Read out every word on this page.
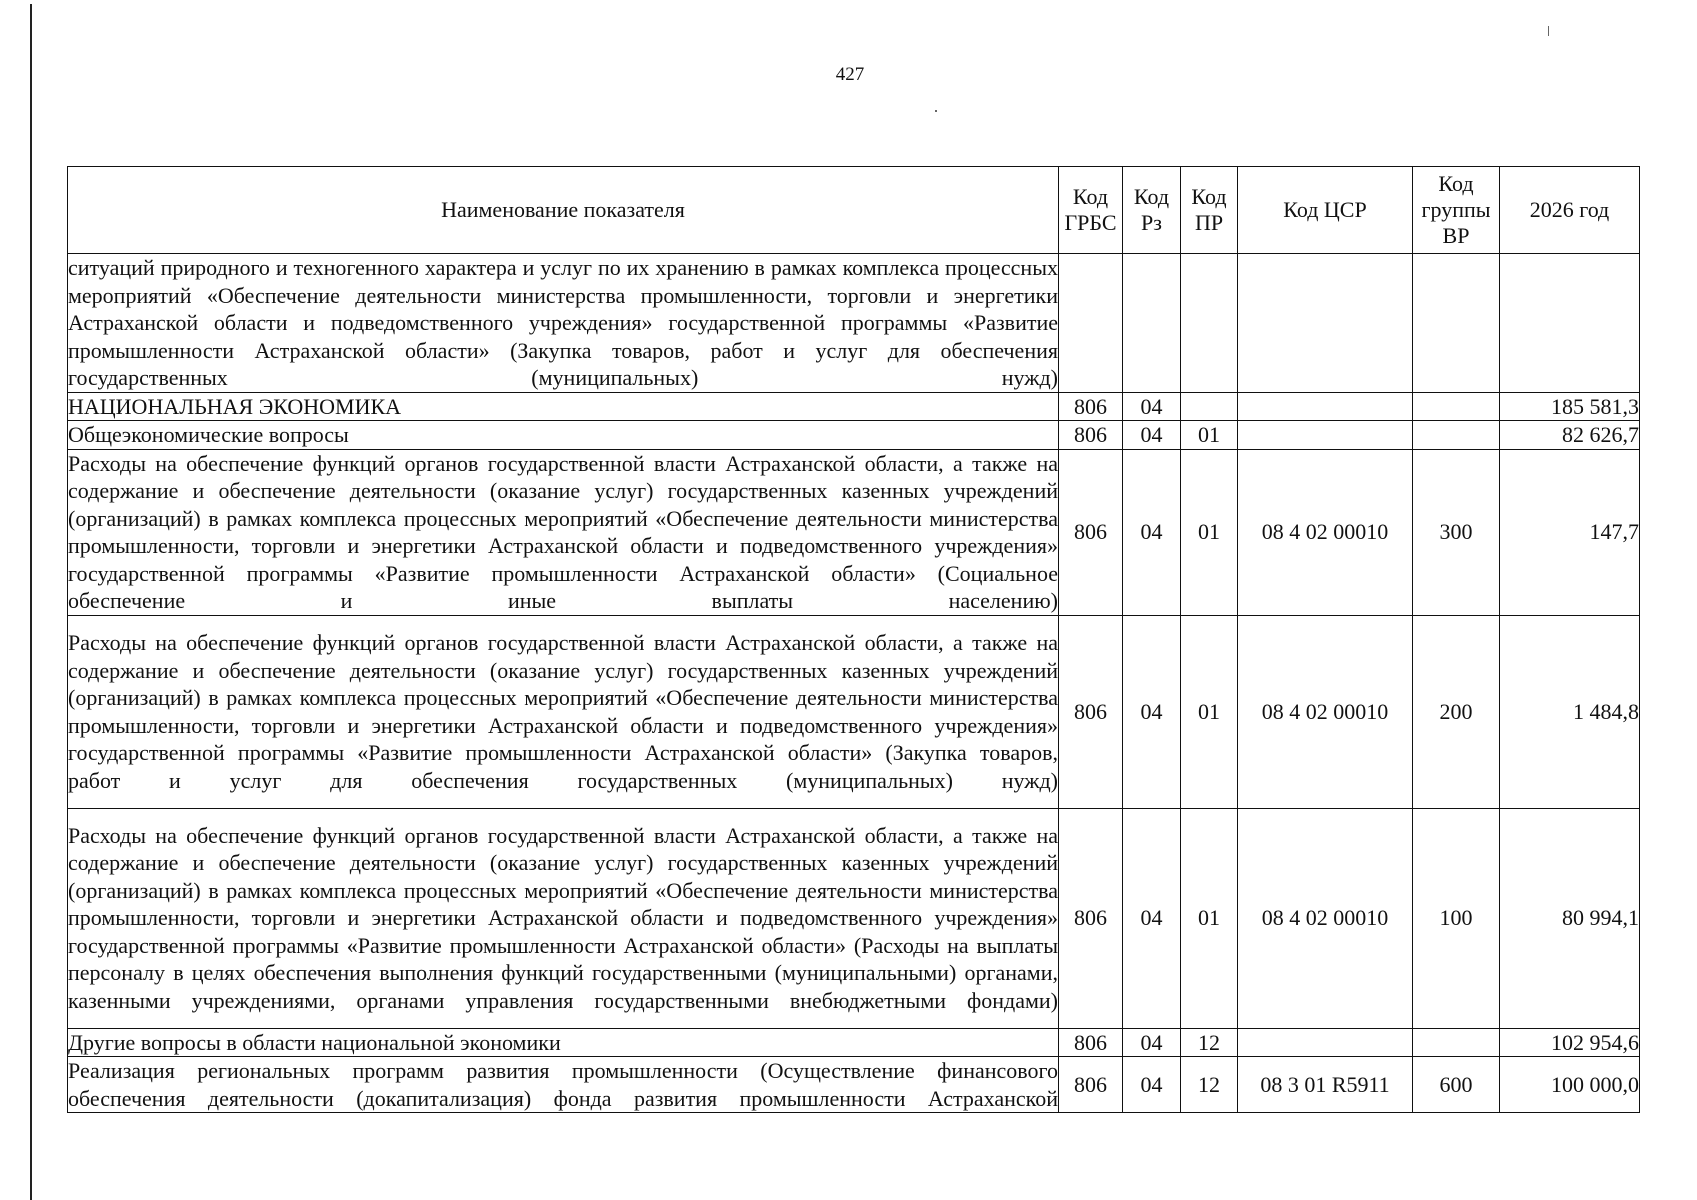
427
Наименование показателя	Код ГРБС	Код Рз	Код ПР	Код ЦСР	Код группы ВР	2026 год
ситуаций природного и техногенного характера и услуг по их хранению в рамках комплекса процессных мероприятий «Обеспечение деятельности министерства промышленности, торговли и энергетики Астраханской области и подведомственного учреждения» государственной программы «Развитие промышленности Астраханской области» (Закупка товаров, работ и услуг для обеспечения государственных (муниципальных) нужд)						
НАЦИОНАЛЬНАЯ ЭКОНОМИКА	806	04				185 581,3
Общеэкономические вопросы	806	04	01			82 626,7
Расходы на обеспечение функций органов государственной власти Астраханской области, а также на содержание и обеспечение деятельности (оказание услуг) государственных казенных учреждений (организаций) в рамках комплекса процессных мероприятий «Обеспечение деятельности министерства промышленности, торговли и энергетики Астраханской области и подведомственного учреждения» государственной программы «Развитие промышленности Астраханской области» (Социальное обеспечение и иные выплаты населению)	806	04	01	08 4 02 00010	300	147,7
Расходы на обеспечение функций органов государственной власти Астраханской области, а также на содержание и обеспечение деятельности (оказание услуг) государственных казенных учреждений (организаций) в рамках комплекса процессных мероприятий «Обеспечение деятельности министерства промышленности, торговли и энергетики Астраханской области и подведомственного учреждения» государственной программы «Развитие промышленности Астраханской области» (Закупка товаров, работ и услуг для обеспечения государственных (муниципальных) нужд)	806	04	01	08 4 02 00010	200	1 484,8
Расходы на обеспечение функций органов государственной власти Астраханской области, а также на содержание и обеспечение деятельности (оказание услуг) государственных казенных учреждений (организаций) в рамках комплекса процессных мероприятий «Обеспечение деятельности министерства промышленности, торговли и энергетики Астраханской области и подведомственного учреждения» государственной программы «Развитие промышленности Астраханской области» (Расходы на выплаты персоналу в целях обеспечения выполнения функций государственными (муниципальными) органами, казенными учреждениями, органами управления государственными внебюджетными фондами)	806	04	01	08 4 02 00010	100	80 994,1
Другие вопросы в области национальной экономики	806	04	12			102 954,6
Реализация региональных программ развития промышленности (Осуществление финансового обеспечения деятельности (докапитализация) фонда развития промышленности Астраханской	806	04	12	08 3 01 R5911	600	100 000,0
